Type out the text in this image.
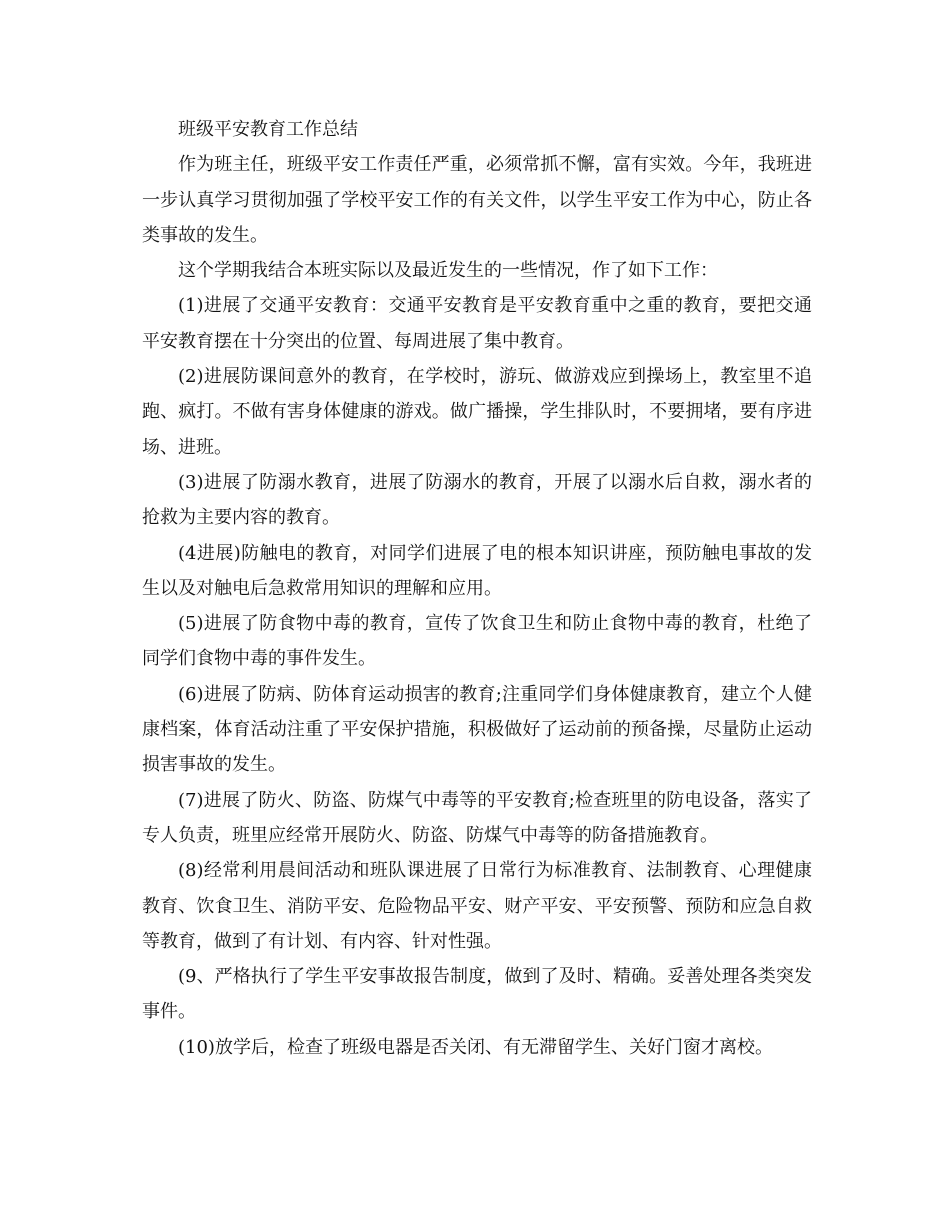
班级平安教育工作总结

作为班主任，班级平安工作责任严重，必须常抓不懈，富有实效。今年，我班进一步认真学习贯彻加强了学校平安工作的有关文件，以学生平安工作为中心，防止各类事故的发生。

这个学期我结合本班实际以及最近发生的一些情况，作了如下工作：

(1)进展了交通平安教育：交通平安教育是平安教育重中之重的教育，要把交通平安教育摆在十分突出的位置、每周进展了集中教育。

(2)进展防课间意外的教育，在学校时，游玩、做游戏应到操场上，教室里不追跑、疯打。不做有害身体健康的游戏。做广播操，学生排队时，不要拥堵，要有序进场、进班。

(3)进展了防溺水教育，进展了防溺水的教育，开展了以溺水后自救，溺水者的抢救为主要内容的教育。

(4进展)防触电的教育，对同学们进展了电的根本知识讲座，预防触电事故的发生以及对触电后急救常用知识的理解和应用。

(5)进展了防食物中毒的教育，宣传了饮食卫生和防止食物中毒的教育，杜绝了同学们食物中毒的事件发生。

(6)进展了防病、防体育运动损害的教育;注重同学们身体健康教育，建立个人健康档案，体育活动注重了平安保护措施，积极做好了运动前的预备操，尽量防止运动损害事故的发生。

(7)进展了防火、防盗、防煤气中毒等的平安教育;检查班里的防电设备，落实了专人负责，班里应经常开展防火、防盗、防煤气中毒等的防备措施教育。

(8)经常利用晨间活动和班队课进展了日常行为标准教育、法制教育、心理健康教育、饮食卫生、消防平安、危险物品平安、财产平安、平安预警、预防和应急自救等教育，做到了有计划、有内容、针对性强。

(9、严格执行了学生平安事故报告制度，做到了及时、精确。妥善处理各类突发事件。

(10)放学后，检查了班级电器是否关闭、有无滞留学生、关好门窗才离校。
